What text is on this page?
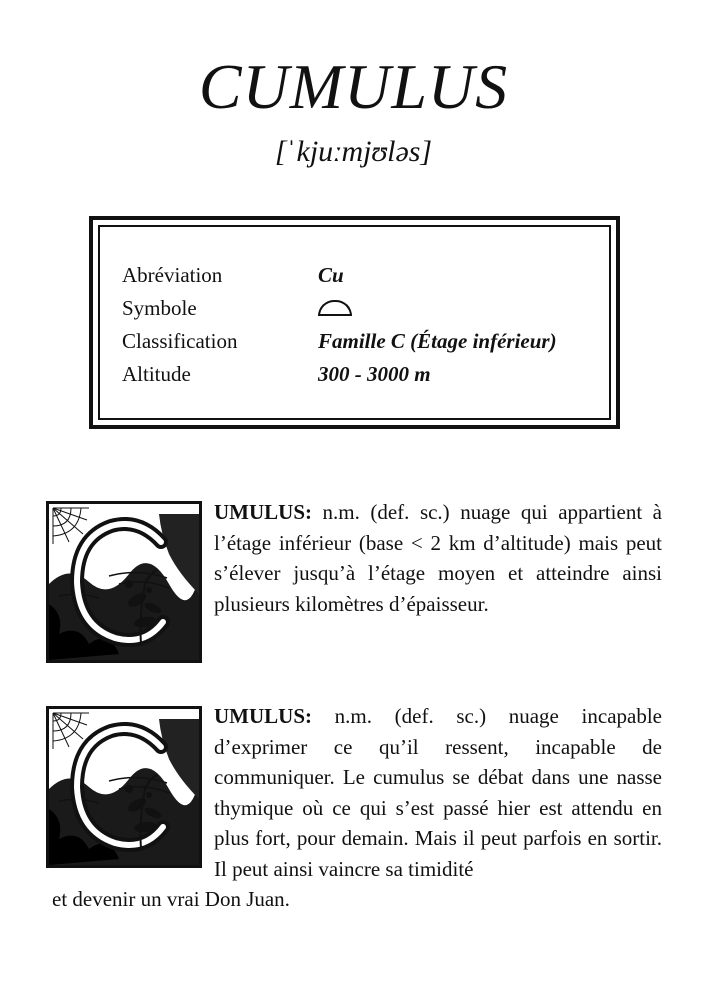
CUMULUS
[ˈkjuːmjʊləs]
Abréviation	Cu
Symbole
Classification	Famille C (Étage inférieur)
Altitude	300 - 3000 m
UMULUS: n.m. (def. sc.) nuage qui appartient à l’étage inférieur (base < 2 km d’altitude) mais peut s’élever jusqu’à l’étage moyen et atteindre ainsi plusieurs kilomètres d’épaisseur.
UMULUS: n.m. (def. sc.) nuage incapable d’exprimer ce qu’il ressent, incapable de communiquer. Le cumulus se débat dans une nasse thymique où ce qui s’est passé hier est attendu en plus fort, pour demain. Mais il peut parfois en sortir. Il peut ainsi vaincre sa timidité
et devenir un vrai Don Juan.
